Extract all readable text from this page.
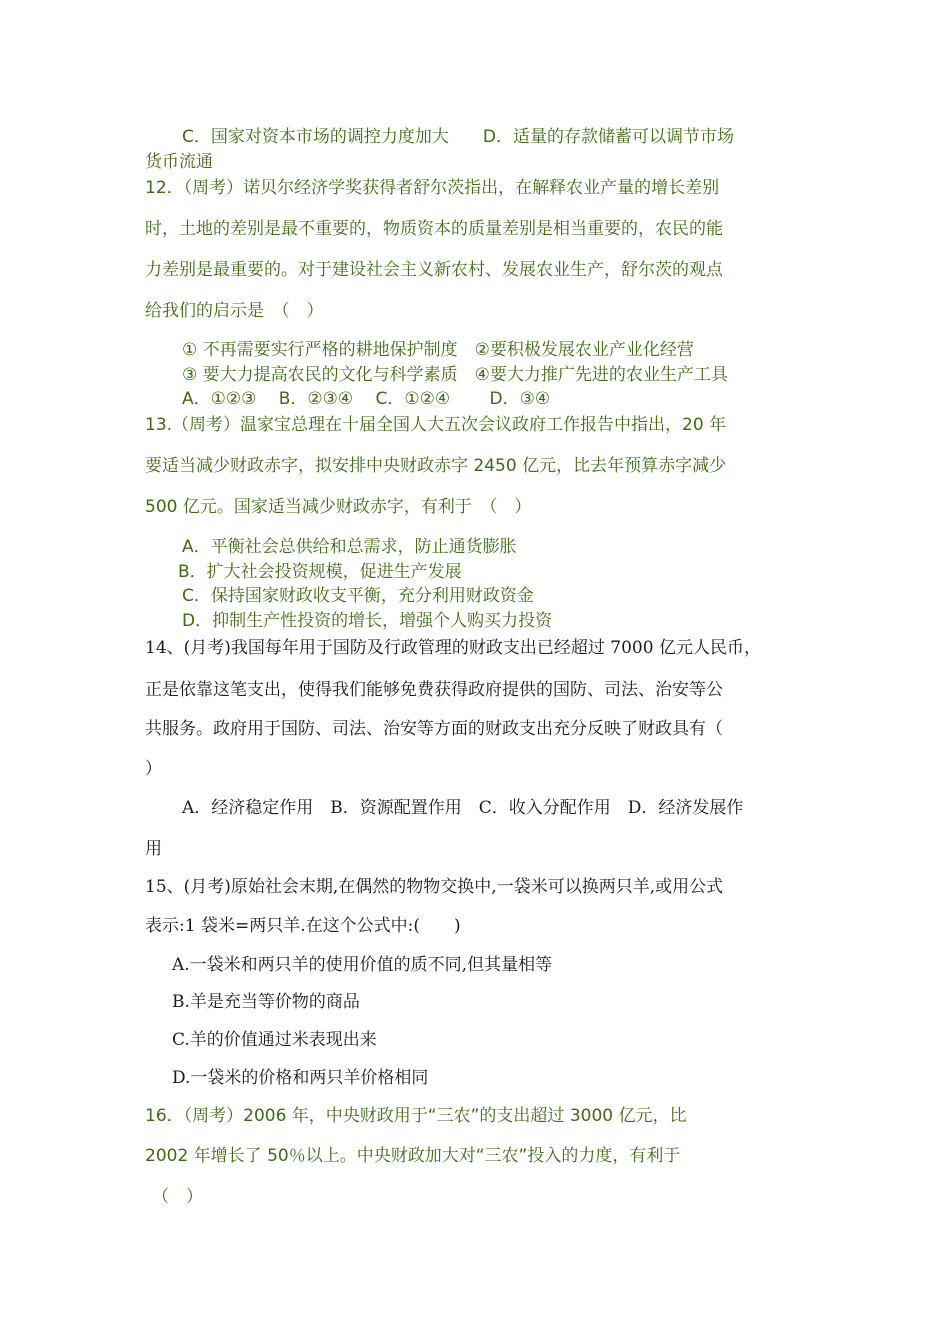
C．国家对资本市场的调控力度加大　　D．适量的存款储蓄可以调节市场

货币流通

12．（周考）诺贝尔经济学奖获得者舒尔茨指出，在解释农业产量的增长差别

时，土地的差别是最不重要的，物质资本的质量差别是相当重要的，农民的能

力差别是最重要的。对于建设社会主义新农村、发展农业生产，舒尔茨的观点

给我们的启示是　（　）

① 不再需要实行严格的耕地保护制度　②要积极发展农业产业化经营

③ 要大力提高农民的文化与科学素质　④要大力推广先进的农业生产工具

A．①②③　 B．②③④　 C．①②④　　 D．③④

13.（周考）温家宝总理在十届全国人大五次会议政府工作报告中指出，20 年

要适当减少财政赤字，拟安排中央财政赤字 2450 亿元，比去年预算赤字减少

500 亿元。国家适当减少财政赤字，有利于　（　）

A．平衡社会总供给和总需求，防止通货膨胀

B．扩大社会投资规模，促进生产发展

C．保持国家财政收支平衡，充分利用财政资金

D．抑制生产性投资的增长，增强个人购买力投资

14、(月考)我国每年用于国防及行政管理的财政支出已经超过 7000 亿元人民币，

正是依靠这笔支出，使得我们能够免费获得政府提供的国防、司法、治安等公

共服务。政府用于国防、司法、治安等方面的财政支出充分反映了财政具有（

）

A．经济稳定作用　B．资源配置作用　C．收入分配作用　D．经济发展作

用

15、(月考)原始社会末期,在偶然的物物交换中,一袋米可以换两只羊,或用公式

表示:1 袋米=两只羊.在这个公式中:(　　)

A.一袋米和两只羊的使用价值的质不同,但其量相等

B.羊是充当等价物的商品

C.羊的价值通过米表现出来

D.一袋米的价格和两只羊价格相同

16．（周考）2006 年，中央财政用于“三农”的支出超过 3000 亿元，比

2002 年增长了 50％以上。中央财政加大对“三农”投入的力度，有利于

（　）
